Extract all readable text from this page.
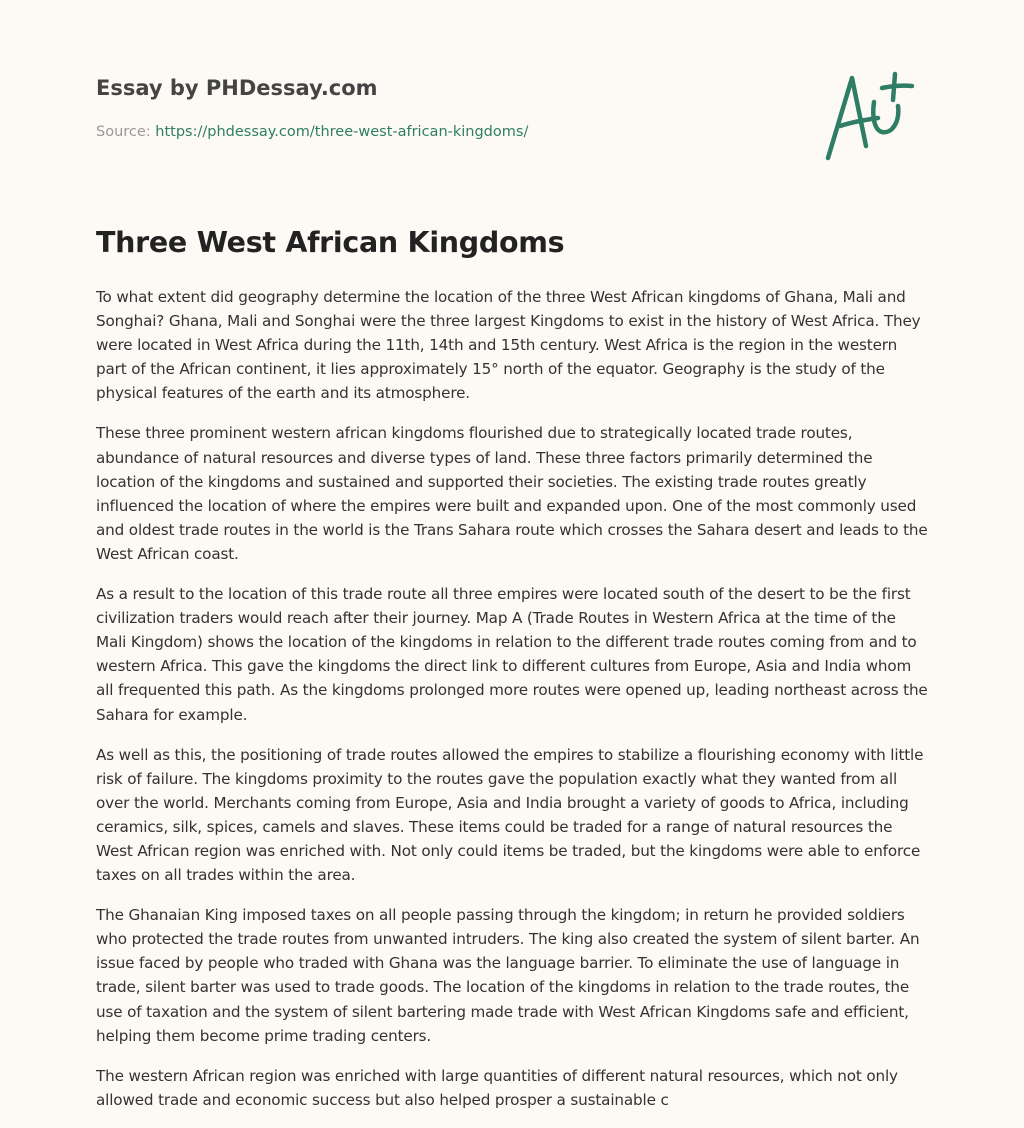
Essay by PHDessay.com
Source: https://phdessay.com/three-west-african-kingdoms/
Three West African Kingdoms

To what extent did geography determine the location of the three West African kingdoms of Ghana, Mali and Songhai? Ghana, Mali and Songhai were the three largest Kingdoms to exist in the history of West Africa. They were located in West Africa during the 11th, 14th and 15th century. West Africa is the region in the western part of the African continent, it lies approximately 15° north of the equator. Geography is the study of the physical features of the earth and its atmosphere.

These three prominent western african kingdoms flourished due to strategically located trade routes, abundance of natural resources and diverse types of land. These three factors primarily determined the location of the kingdoms and sustained and supported their societies. The existing trade routes greatly influenced the location of where the empires were built and expanded upon. One of the most commonly used and oldest trade routes in the world is the Trans Sahara route which crosses the Sahara desert and leads to the West African coast.

As a result to the location of this trade route all three empires were located south of the desert to be the first civilization traders would reach after their journey. Map A (Trade Routes in Western Africa at the time of the Mali Kingdom) shows the location of the kingdoms in relation to the different trade routes coming from and to western Africa. This gave the kingdoms the direct link to different cultures from Europe, Asia and India whom all frequented this path. As the kingdoms prolonged more routes were opened up, leading northeast across the Sahara for example.

As well as this, the positioning of trade routes allowed the empires to stabilize a flourishing economy with little risk of failure. The kingdoms proximity to the routes gave the population exactly what they wanted from all over the world. Merchants coming from Europe, Asia and India brought a variety of goods to Africa, including ceramics, silk, spices, camels and slaves. These items could be traded for a range of natural resources the West African region was enriched with. Not only could items be traded, but the kingdoms were able to enforce taxes on all trades within the area.

The Ghanaian King imposed taxes on all people passing through the kingdom; in return he provided soldiers who protected the trade routes from unwanted intruders. The king also created the system of silent barter. An issue faced by people who traded with Ghana was the language barrier. To eliminate the use of language in trade, silent barter was used to trade goods. The location of the kingdoms in relation to the trade routes, the use of taxation and the system of silent bartering made trade with West African Kingdoms safe and efficient, helping them become prime trading centers.

The western African region was enriched with large quantities of different natural resources, which not only allowed trade and economic success but also helped prosper a sustainable c
